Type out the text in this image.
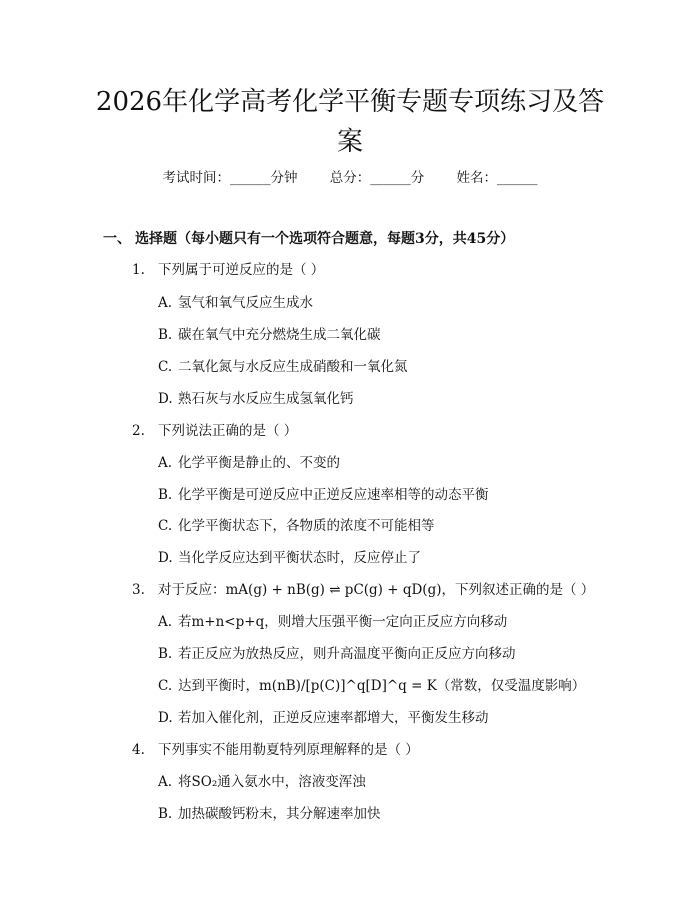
2026年化学高考化学平衡专题专项练习及答案
考试时间：______分钟 总分：______分 姓名：______
一、 选择题（每小题只有一个选项符合题意，每题3分，共45分）
1. 下列属于可逆反应的是（ ）
A. 氢气和氧气反应生成水
B. 碳在氧气中充分燃烧生成二氧化碳
C. 二氧化氮与水反应生成硝酸和一氧化氮
D. 熟石灰与水反应生成氢氧化钙
2. 下列说法正确的是（ ）
A. 化学平衡是静止的、不变的
B. 化学平衡是可逆反应中正逆反应速率相等的动态平衡
C. 化学平衡状态下，各物质的浓度不可能相等
D. 当化学反应达到平衡状态时，反应停止了
3. 对于反应：mA(g) + nB(g) ⇌ pC(g) + qD(g)，下列叙述正确的是（ ）
A. 若m+n<p+q，则增大压强平衡一定向正反应方向移动
B. 若正反应为放热反应，则升高温度平衡向正反应方向移动
C. 达到平衡时，m(nB)/[p(C)]^q[D]^q = K（常数，仅受温度影响）
D. 若加入催化剂，正逆反应速率都增大，平衡发生移动
4. 下列事实不能用勒夏特列原理解释的是（ ）
A. 将SO₂通入氨水中，溶液变浑浊
B. 加热碳酸钙粉末，其分解速率加快
